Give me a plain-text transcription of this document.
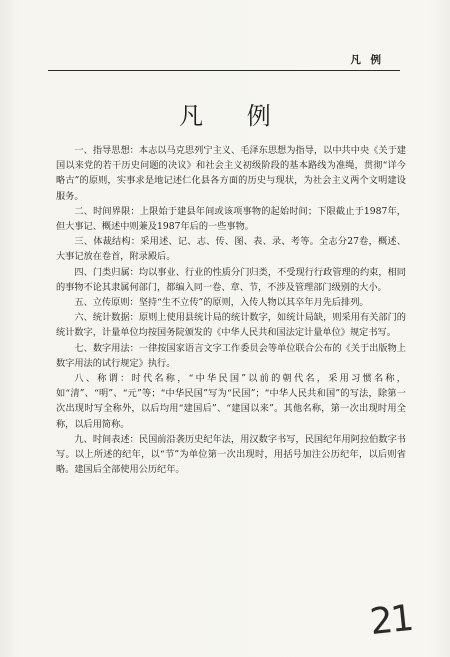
凡 例
凡 例

一、指导思想：本志以马克思列宁主义、毛泽东思想为指导，以中共中央《关于建国以来党的若干历史问题的决议》和社会主义初级阶段的基本路线为准绳，贯彻“详今略古”的原则，实事求是地记述仁化县各方面的历史与现状，为社会主义两个文明建设服务。

二、时间界限：上限始于建县年间或该项事物的起始时间；下限截止于1987年，但大事记、概述中则兼及1987年后的一些事物。

三、体裁结构：采用述、记、志、传、图、表、录、考等。全志分27卷，概述、大事记放在卷首，附录殿后。

四、门类归属：均以事业、行业的性质分门归类，不受现行行政管理的约束，相同的事物不论其隶属何部门，都编入同一卷、章、节，不涉及管理部门级别的大小。

五、立传原则：坚持“生不立传”的原则，入传人物以其卒年月先后排列。

六、统计数据：原则上使用县统计局的统计数字，如统计局缺，则采用有关部门的统计数字，计量单位均按国务院颁发的《中华人民共和国法定计量单位》规定书写。

七、数字用法：一律按国家语言文字工作委员会等单位联合公布的《关于出版物上数字用法的试行规定》执行。

八、称谓：时代名称，“中华民国”以前的朝代名，采用习惯名称，如“清”、“明”、“元”等；“中华民国”写为“民国”；“中华人民共和国”的写法，除第一次出现时写全称外，以后均用“建国后”、“建国以来”。其他名称，第一次出现时用全称，以后用简称。

九、时间表述：民国前沿袭历史纪年法，用汉数字书写，民国纪年用阿拉伯数字书写。以上所述的纪年，以“节”为单位第一次出现时，用括号加注公历纪年，以后则省略。建国后全部使用公历纪年。

21
